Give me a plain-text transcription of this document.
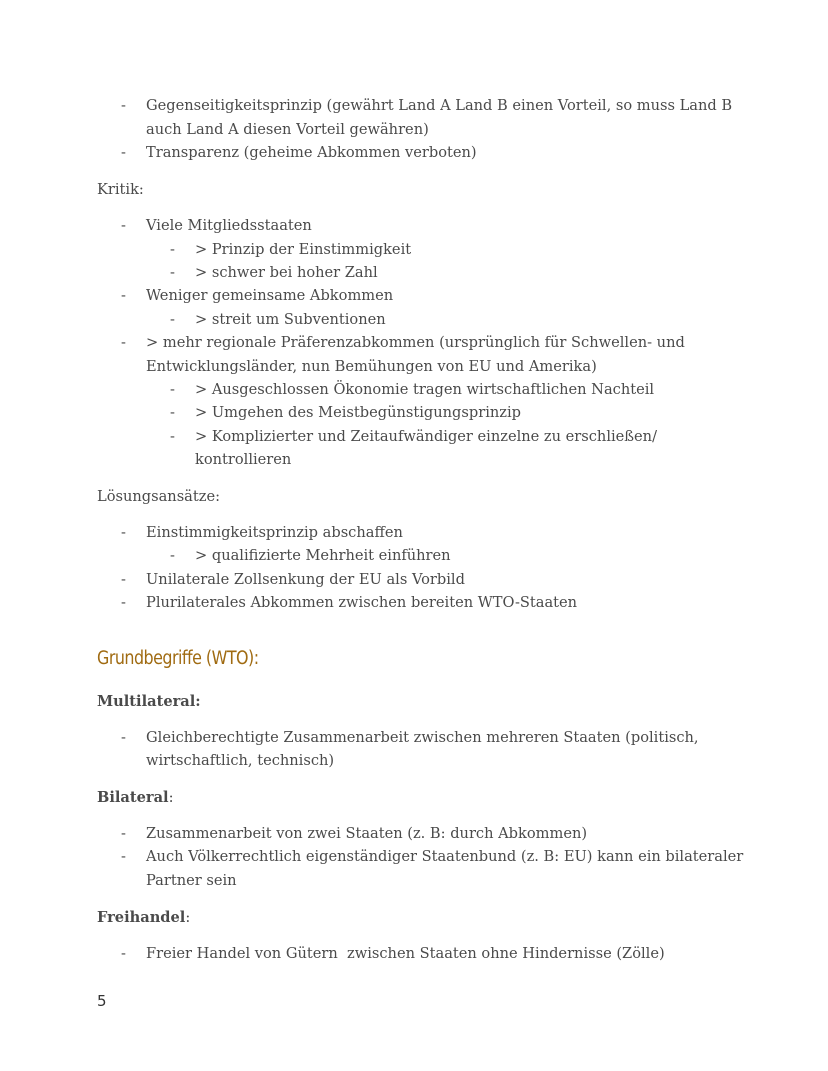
- Gegenseitigkeitsprinzip (gewährt Land A Land B einen Vorteil, so muss Land B
auch Land A diesen Vorteil gewähren)
- Transparenz (geheime Abkommen verboten)
Kritik:
- Viele Mitgliedsstaaten
- > Prinzip der Einstimmigkeit
- > schwer bei hoher Zahl
- Weniger gemeinsame Abkommen
- > streit um Subventionen
- > mehr regionale Präferenzabkommen (ursprünglich für Schwellen- und
Entwicklungsländer, nun Bemühungen von EU und Amerika)
- > Ausgeschlossen Ökonomie tragen wirtschaftlichen Nachteil
- > Umgehen des Meistbegünstigungsprinzip
- > Komplizierter und Zeitaufwändiger einzelne zu erschließen/
kontrollieren
Lösungsansätze:
- Einstimmigkeitsprinzip abschaffen
- > qualifizierte Mehrheit einführen
- Unilaterale Zollsenkung der EU als Vorbild
- Plurilaterales Abkommen zwischen bereiten WTO-Staaten
Grundbegriffe (WTO):
Multilateral:
- Gleichberechtigte Zusammenarbeit zwischen mehreren Staaten (politisch,
wirtschaftlich, technisch)
Bilateral:
- Zusammenarbeit von zwei Staaten (z. B: durch Abkommen)
- Auch Völkerrechtlich eigenständiger Staatenbund (z. B: EU) kann ein bilateraler
Partner sein
Freihandel:
- Freier Handel von Gütern  zwischen Staaten ohne Hindernisse (Zölle)
5
